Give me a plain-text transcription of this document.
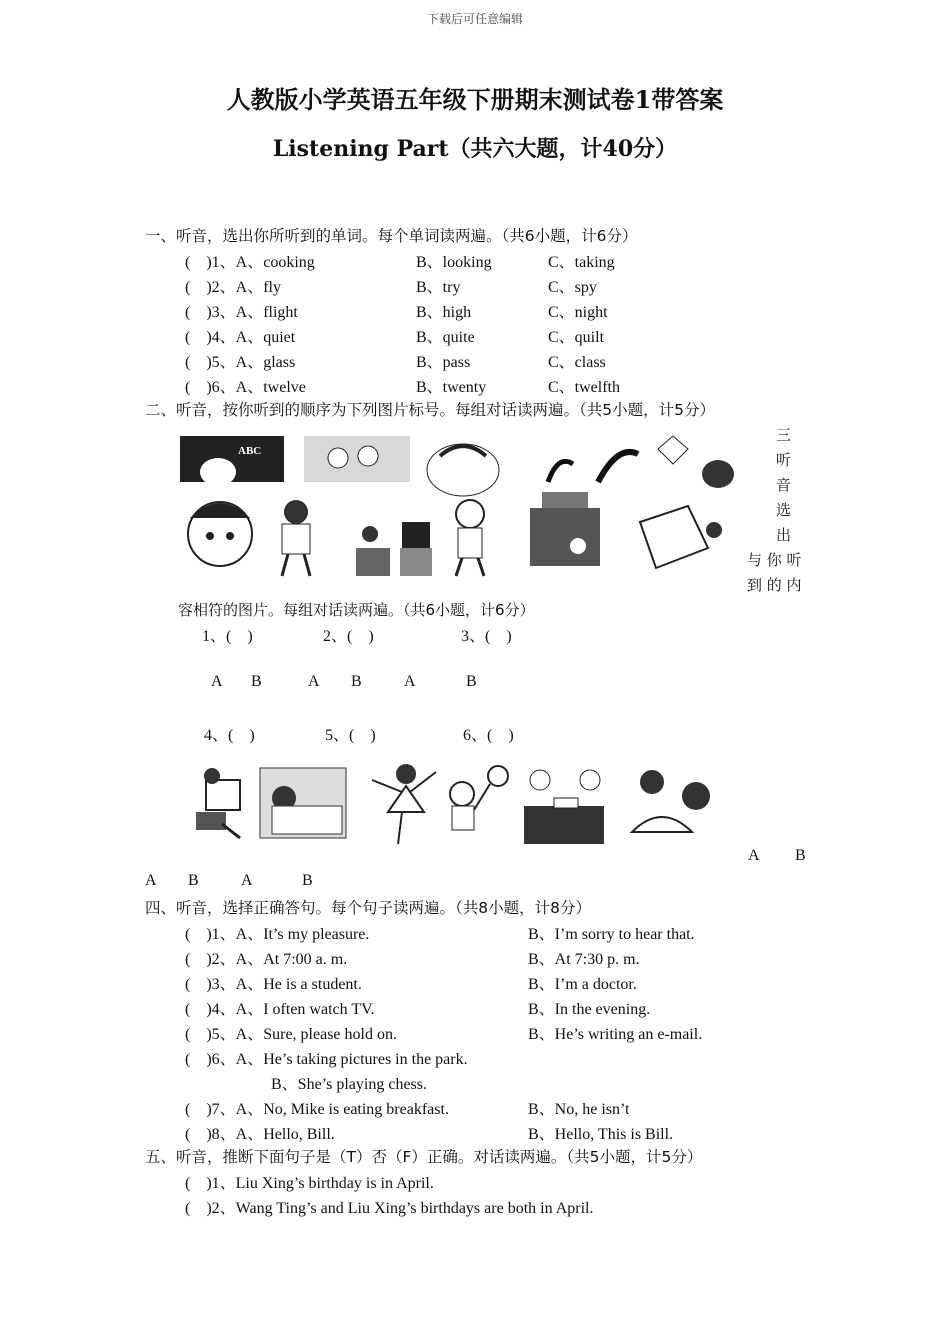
下载后可任意编辑
人教版小学英语五年级下册期末测试卷1带答案
Listening Part（共六大题，计40分）
一、听音，选出你所听到的单词。每个单词读两遍。（共6小题，计6分）
(　)1、A、cooking	B、looking	C、taking
(　)2、A、fly	B、try	C、spy
(　)3、A、flight	B、high	C、night
(　)4、A、quiet	B、quite	C、quilt
(　)5、A、glass	B、pass	C、class
(　)6、A、twelve	B、twenty	C、twelfth
二、听音，按你听到的顺序为下列图片标号。每组对话读两遍。（共5小题，计5分）
ABC
三
听
音
选
出
与 你 听
到 的 内
容相符的图片。每组对话读两遍。（共6小题，计6分）
1、(　)	2、(　)	3、(　)
A B	A B	A	B
4、(　)	5、(　)	6、(　)
A B
A B	A	B
四、听音，选择正确答句。每个句子读两遍。（共8小题，计8分）
(　)1、A、It’s my pleasure.	B、I’m sorry to hear that.
(　)2、A、At 7:00 a. m.	B、At 7:30 p. m.
(　)3、A、He is a student.	B、I’m a doctor.
(　)4、A、I often watch TV.	B、In the evening.
(　)5、A、Sure, please hold on.	B、He’s writing an e-mail.
(　)6、A、He’s taking pictures in the park.
B、She’s playing chess.
(　)7、A、No, Mike is eating breakfast.	B、No, he isn’t
(　)8、A、Hello, Bill.	B、Hello, This is Bill.
五、听音，推断下面句子是（T）否（F）正确。对话读两遍。（共5小题，计5分）
(　)1、Liu Xing’s birthday is in April.
(　)2、Wang Ting’s and Liu Xing’s birthdays are both in April.
